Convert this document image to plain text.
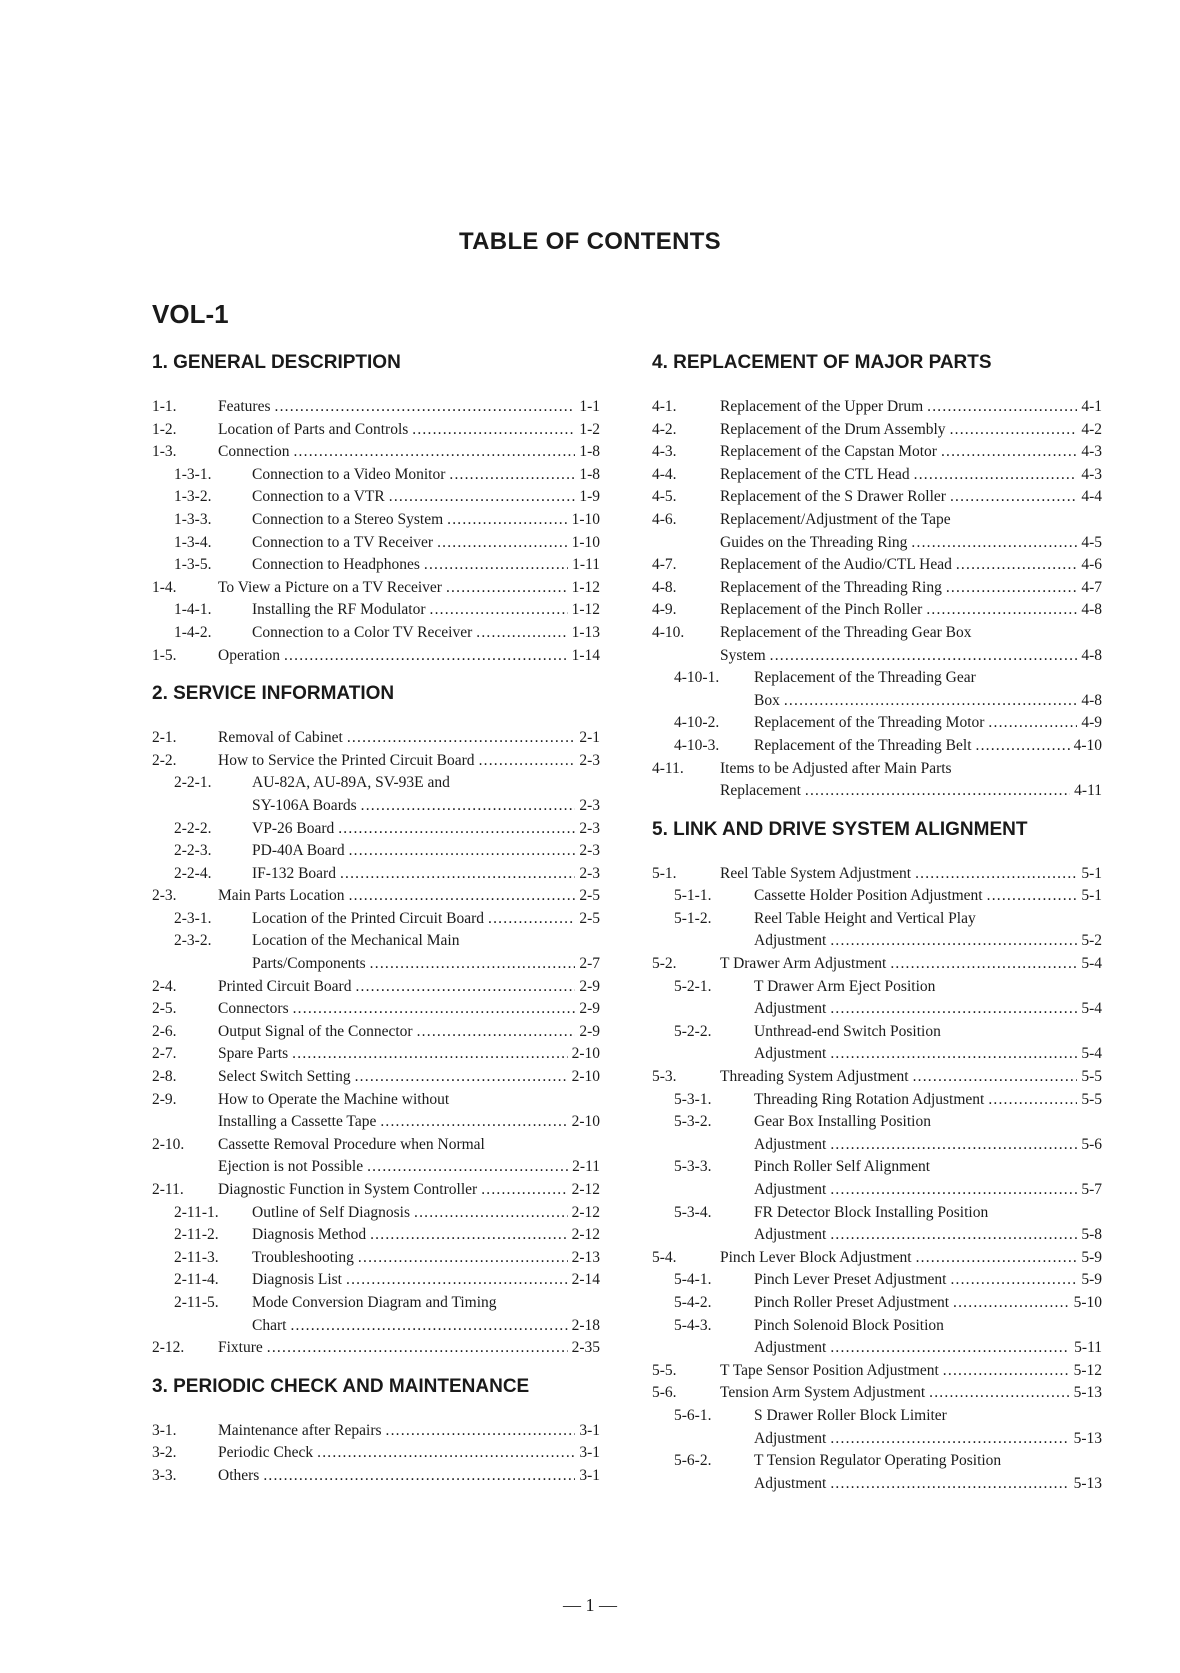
TABLE OF CONTENTS
VOL-1
1. GENERAL DESCRIPTION
1-1.	Features .....	1-1
1-2.	Location of Parts and Controls .....	1-2
1-3.	Connection .....	1-8
1-3-1.	Connection to a Video Monitor .....	1-8
1-3-2.	Connection to a VTR .....	1-9
1-3-3.	Connection to a Stereo System .....	1-10
1-3-4.	Connection to a TV Receiver .....	1-10
1-3-5.	Connection to Headphones .....	1-11
1-4.	To View a Picture on a TV Receiver .....	1-12
1-4-1.	Installing the RF Modulator .....	1-12
1-4-2.	Connection to a Color TV Receiver .....	1-13
1-5.	Operation .....	1-14
2. SERVICE INFORMATION
2-1.	Removal of Cabinet .....	2-1
2-2.	How to Service the Printed Circuit Board .....	2-3
2-2-1.	AU-82A, AU-89A, SV-93E and
SY-106A Boards .....	2-3
2-2-2.	VP-26 Board .....	2-3
2-2-3.	PD-40A Board .....	2-3
2-2-4.	IF-132 Board .....	2-3
2-3.	Main Parts Location .....	2-5
2-3-1.	Location of the Printed Circuit Board .....	2-5
2-3-2.	Location of the Mechanical Main
Parts/Components .....	2-7
2-4.	Printed Circuit Board .....	2-9
2-5.	Connectors .....	2-9
2-6.	Output Signal of the Connector .....	2-9
2-7.	Spare Parts .....	2-10
2-8.	Select Switch Setting .....	2-10
2-9.	How to Operate the Machine without
Installing a Cassette Tape .....	2-10
2-10. Cassette Removal Procedure when Normal
Ejection is not Possible .....	2-11
2-11. Diagnostic Function in System Controller .....	2-12
2-11-1. Outline of Self Diagnosis .....	2-12
2-11-2. Diagnosis Method .....	2-12
2-11-3. Troubleshooting .....	2-13
2-11-4. Diagnosis List .....	2-14
2-11-5. Mode Conversion Diagram and Timing
Chart .....	2-18
2-12. Fixture .....	2-35
3. PERIODIC CHECK AND MAINTENANCE
3-1.	Maintenance after Repairs .....	3-1
3-2.	Periodic Check .....	3-1
3-3.	Others .....	3-1
4. REPLACEMENT OF MAJOR PARTS
4-1.	Replacement of the Upper Drum .....	4-1
4-2.	Replacement of the Drum Assembly .....	4-2
4-3.	Replacement of the Capstan Motor .....	4-3
4-4.	Replacement of the CTL Head .....	4-3
4-5.	Replacement of the S Drawer Roller .....	4-4
4-6.	Replacement/Adjustment of the Tape
Guides on the Threading Ring .....	4-5
4-7.	Replacement of the Audio/CTL Head .....	4-6
4-8.	Replacement of the Threading Ring .....	4-7
4-9.	Replacement of the Pinch Roller .....	4-8
4-10. Replacement of the Threading Gear Box
System .....	4-8
4-10-1. Replacement of the Threading Gear
Box .....	4-8
4-10-2. Replacement of the Threading Motor .....	4-9
4-10-3. Replacement of the Threading Belt .....	4-10
4-11. Items to be Adjusted after Main Parts
Replacement .....	4-11
5. LINK AND DRIVE SYSTEM ALIGNMENT
5-1.	Reel Table System Adjustment .....	5-1
5-1-1.	Cassette Holder Position Adjustment .....	5-1
5-1-2.	Reel Table Height and Vertical Play
Adjustment .....	5-2
5-2.	T Drawer Arm Adjustment .....	5-4
5-2-1.	T Drawer Arm Eject Position
Adjustment .....	5-4
5-2-2.	Unthread-end Switch Position
Adjustment .....	5-4
5-3.	Threading System Adjustment .....	5-5
5-3-1.	Threading Ring Rotation Adjustment .....	5-5
5-3-2.	Gear Box Installing Position
Adjustment .....	5-6
5-3-3.	Pinch Roller Self Alignment
Adjustment .....	5-7
5-3-4.	FR Detector Block Installing Position
Adjustment .....	5-8
5-4.	Pinch Lever Block Adjustment .....	5-9
5-4-1.	Pinch Lever Preset Adjustment .....	5-9
5-4-2.	Pinch Roller Preset Adjustment .....	5-10
5-4-3.	Pinch Solenoid Block Position
Adjustment .....	5-11
5-5.	T Tape Sensor Position Adjustment .....	5-12
5-6.	Tension Arm System Adjustment .....	5-13
5-6-1.	S Drawer Roller Block Limiter
Adjustment .....	5-13
5-6-2.	T Tension Regulator Operating Position
Adjustment .....	5-13
— 1 —
